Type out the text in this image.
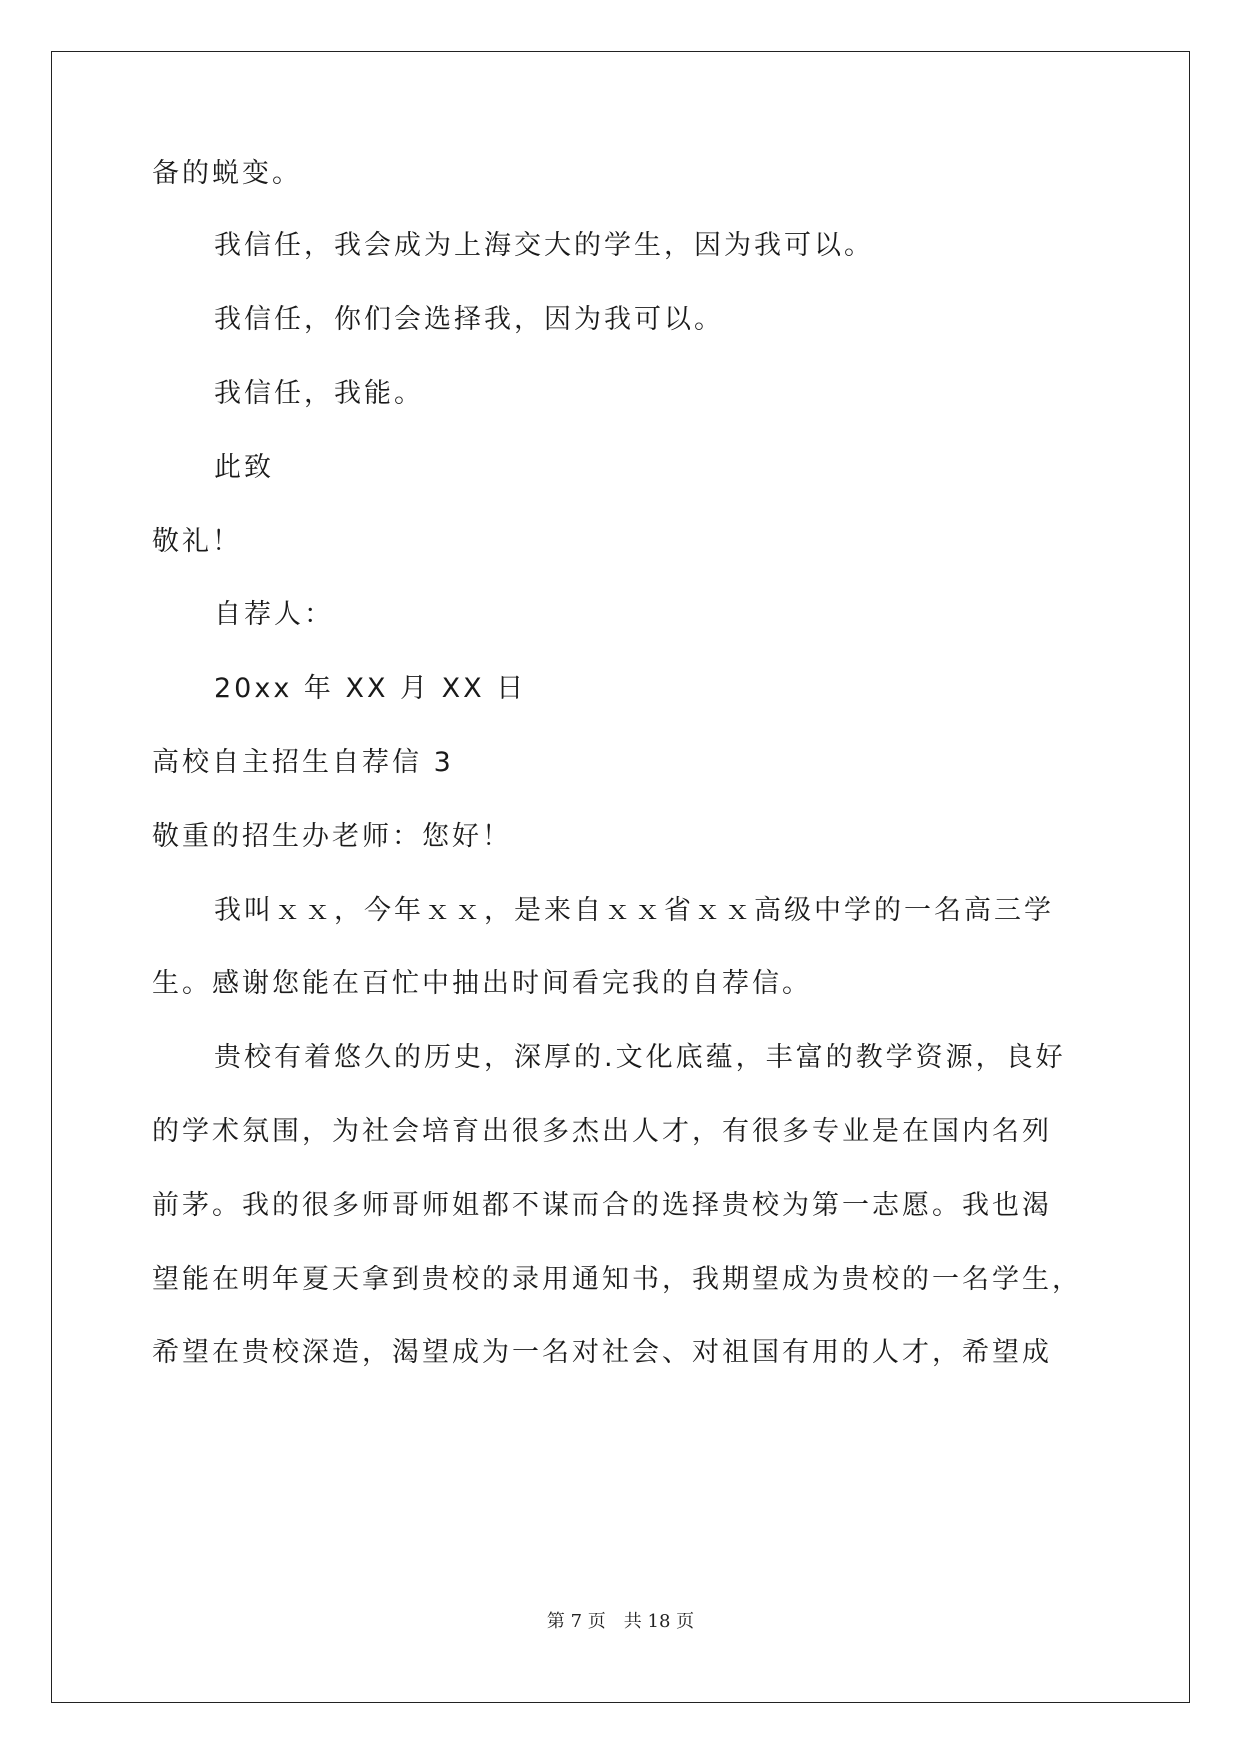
备的蜕变。
我信任，我会成为上海交大的学生，因为我可以。
我信任，你们会选择我，因为我可以。
我信任，我能。
此致
敬礼！
自荐人：
20xx 年 XX 月 XX 日
高校自主招生自荐信 3
敬重的招生办老师：您好！
我叫ｘｘ，今年ｘｘ，是来自ｘｘ省ｘｘ高级中学的一名高三学
生。感谢您能在百忙中抽出时间看完我的自荐信。
贵校有着悠久的历史，深厚的.文化底蕴，丰富的教学资源，良好
的学术氛围，为社会培育出很多杰出人才，有很多专业是在国内名列
前茅。我的很多师哥师姐都不谋而合的选择贵校为第一志愿。我也渴
望能在明年夏天拿到贵校的录用通知书，我期望成为贵校的一名学生，
希望在贵校深造，渴望成为一名对社会、对祖国有用的人才，希望成
第 7 页　共 18 页
